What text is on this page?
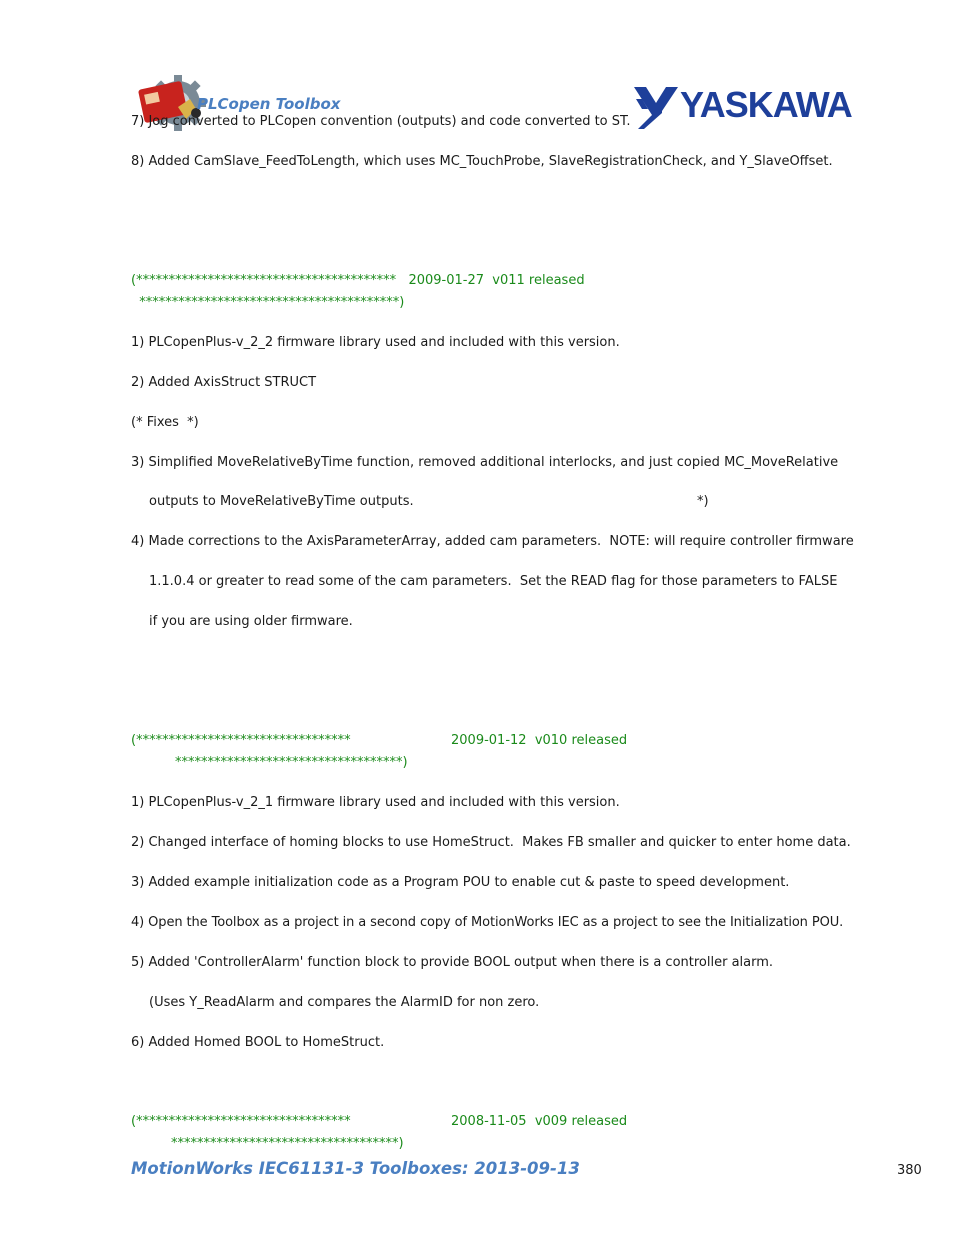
PLCopen Toolbox

	YASKAWA

7) Jog converted to PLCopen convention (outputs) and code converted to ST.
8) Added CamSlave_FeedToLength, which uses MC_TouchProbe, SlaveRegistrationCheck, and Y_SlaveOffset.
(****************************************   2009-01-27  v011 released
****************************************)
1) PLCopenPlus-v_2_2 firmware library used and included with this version.
2) Added AxisStruct STRUCT
(* Fixes  *)
3) Simplified MoveRelativeByTime function, removed additional interlocks, and just copied MC_MoveRelative
outputs to MoveRelativeByTime outputs.	*)
4) Made corrections to the AxisParameterArray, added cam parameters.  NOTE: will require controller firmware
1.1.0.4 or greater to read some of the cam parameters.  Set the READ flag for those parameters to FALSE
if you are using older firmware.
(*********************************	2009-01-12  v010 released
***********************************)
1) PLCopenPlus-v_2_1 firmware library used and included with this version.
2) Changed interface of homing blocks to use HomeStruct.  Makes FB smaller and quicker to enter home data.
3) Added example initialization code as a Program POU to enable cut & paste to speed development.
4) Open the Toolbox as a project in a second copy of MotionWorks IEC as a project to see the Initialization POU.
5) Added 'ControllerAlarm' function block to provide BOOL output when there is a controller alarm.
(Uses Y_ReadAlarm and compares the AlarmID for non zero.
6) Added Homed BOOL to HomeStruct.
(*********************************	2008-11-05  v009 released
***********************************)
MotionWorks IEC61131-3 Toolboxes: 2013-09-13	380
